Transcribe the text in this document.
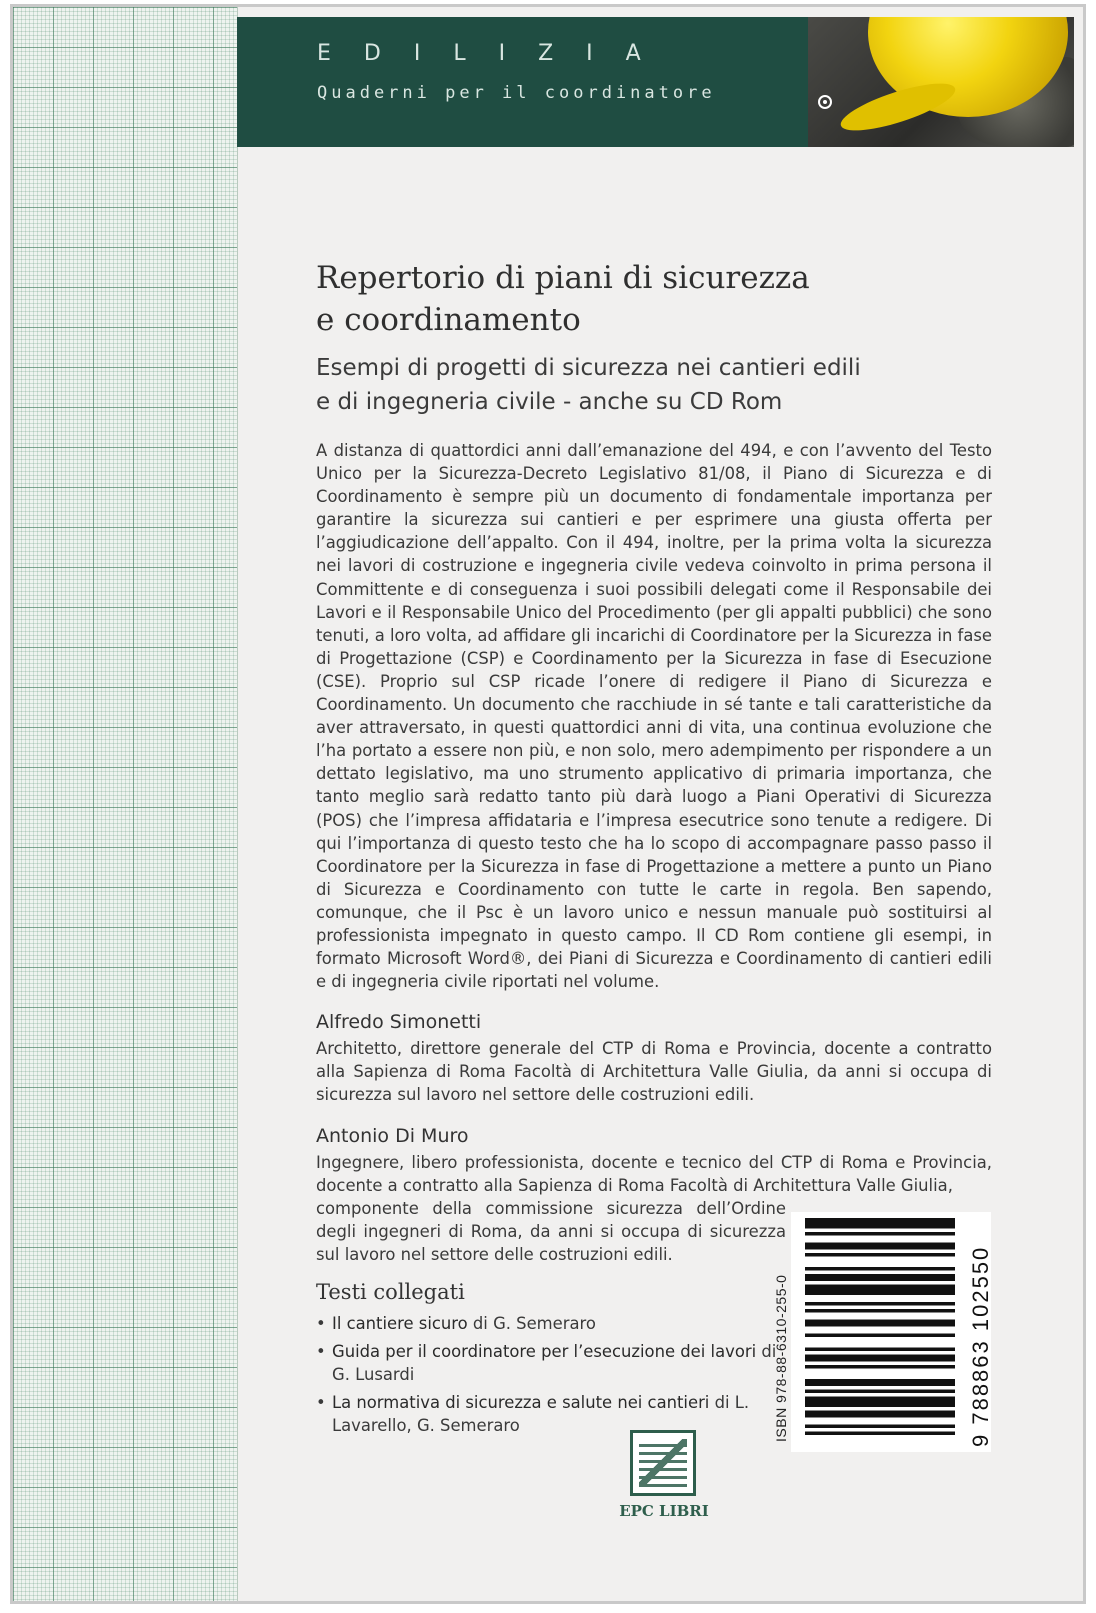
EDILIZIA
Quaderni per il coordinatore
Repertorio di piani di sicurezza
e coordinamento
Esempi di progetti di sicurezza nei cantieri edili
e di ingegneria civile - anche su CD Rom

A distanza di quattordici anni dall’emanazione del 494, e con l’avvento del Testo Unico per la Sicurezza-Decreto Legislativo 81/08, il Piano di Sicurezza e di Coordinamento è sempre più un documento di fondamentale importanza per garantire la sicurezza sui cantieri e per esprimere una giusta offerta per l’aggiudicazione dell’appalto. Con il 494, inoltre, per la prima volta la sicurezza nei lavori di costruzione e ingegneria civile vedeva coinvolto in prima persona il Committente e di conseguenza i suoi possibili delegati come il Responsabile dei Lavori e il Responsabile Unico del Procedimento (per gli appalti pubblici) che sono tenuti, a loro volta, ad affidare gli incarichi di Coordinatore per la Sicurezza in fase di Progettazione (CSP) e Coordinamento per la Sicurezza in fase di Esecuzione (CSE). Proprio sul CSP ricade l’onere di redigere il Piano di Sicurezza e Coordinamento. Un documento che racchiude in sé tante e tali caratteristiche da aver attraversato, in questi quattordici anni di vita, una continua evoluzione che l’ha portato a essere non più, e non solo, mero adempimento per rispondere a un dettato legislativo, ma uno strumento applicativo di primaria importanza, che tanto meglio sarà redatto tanto più darà luogo a Piani Operativi di Sicurezza (POS) che l’impresa affidataria e l’impresa esecutrice sono tenute a redigere. Di qui l’importanza di questo testo che ha lo scopo di accompagnare passo passo il Coordinatore per la Sicurezza in fase di Progettazione a mettere a punto un Piano di Sicurezza e Coordinamento con tutte le carte in regola. Ben sapendo, comunque, che il Psc è un lavoro unico e nessun manuale può sostituirsi al professionista impegnato in questo campo. Il CD Rom contiene gli esempi, in formato Microsoft Word®, dei Piani di Sicurezza e Coordinamento di cantieri edili e di ingegneria civile riportati nel volume.

Alfredo Simonetti

Architetto, direttore generale del CTP di Roma e Provincia, docente a contratto alla Sapienza di Roma Facoltà di Architettura Valle Giulia, da anni si occupa di sicurezza sul lavoro nel settore delle costruzioni edili.

Antonio Di Muro

Ingegnere, libero professionista, docente e tecnico del CTP di Roma e Provincia, docente a contratto alla Sapienza di Roma Facoltà di Architettura Valle Giulia,

componente della commissione sicurezza dell’Ordine degli ingegneri di Roma, da anni si occupa di sicurezza sul lavoro nel settore delle costruzioni edili.

Testi collegati
• Il cantiere sicuro di G. Semeraro
• Guida per il coordinatore per l’esecuzione dei lavori di G. Lusardi
• La normativa di sicurezza e salute nei cantieri di L. Lavarello, G. Semeraro	ISBN 978-88-6310-255-0	9 788863 102550
EPC LIBRI
